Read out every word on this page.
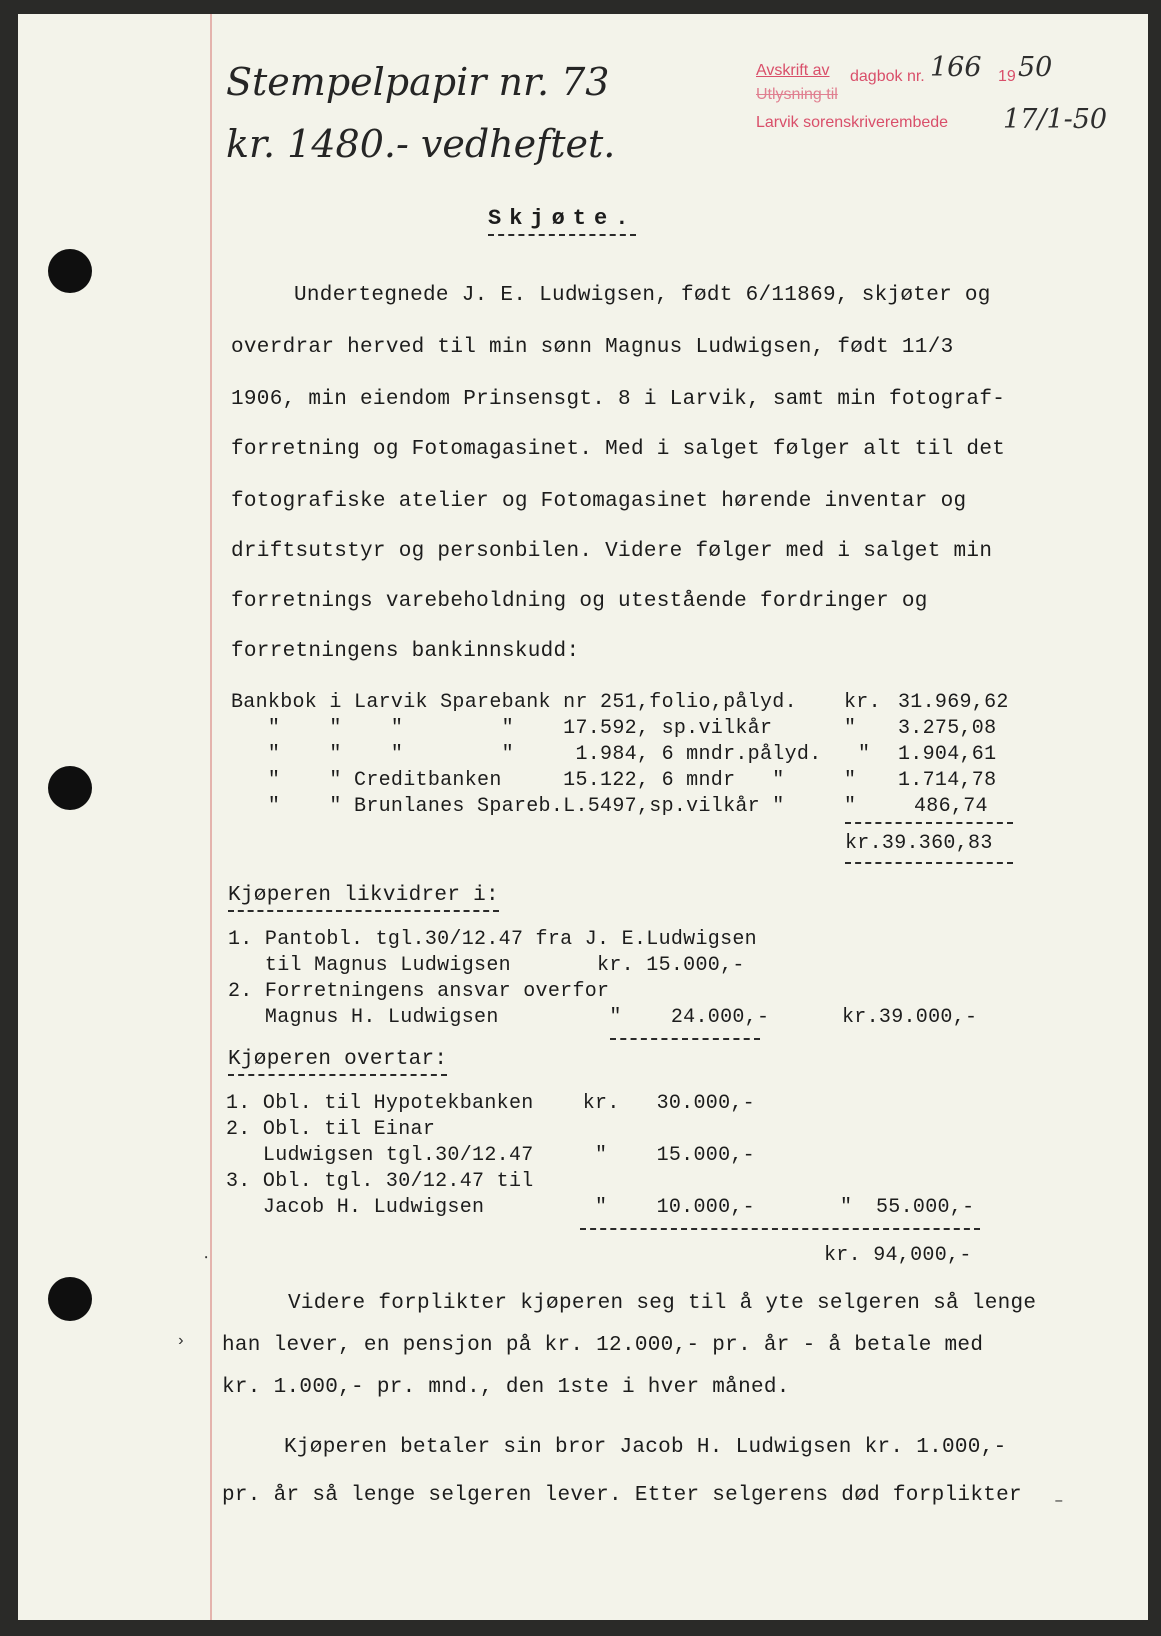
Stempelpapir nr. 73
kr. 1480.- vedheftet.
Avskrift av dagbok nr. 166 19 50
Utlysning til
Larvik sorenskriverembede 17/1-50
Skjøte.
Undertegnede J. E. Ludwigsen, født 6/11869, skjøter og
overdrar herved til min sønn Magnus Ludwigsen, født 11/3
1906, min eiendom Prinsensgt. 8 i Larvik, samt min fotograf-
forretning og Fotomagasinet. Med i salget følger alt til det
fotografiske atelier og Fotomagasinet hørende inventar og
driftsutstyr og personbilen. Videre følger med i salget min
forretnings varebeholdning og utestående fordringer og
forretningens bankinnskudd:
Bankbok i Larvik Sparebank nr 251,folio,pålyd. kr. 31.969,62
"    "    "        "    17.592, sp.vilkår	" 3.275,08
"    "    "        "     1.984, 6 mndr.pålyd. " 1.904,61
"    " Creditbanken     15.122, 6 mndr   "	" 1.714,78
"    " Brunlanes Spareb.L.5497,sp.vilkår "	"	486,74
kr.39.360,83
Kjøperen likvidrer i:
1. Pantobl. tgl.30/12.47 fra J. E.Ludwigsen
til Magnus Ludwigsen       kr. 15.000,-
2. Forretningens ansvar overfor
Magnus H. Ludwigsen         "    24.000,-	kr.39.000,-
Kjøperen overtar:
1. Obl. til Hypotekbanken    kr.   30.000,-
2. Obl. til Einar
Ludwigsen tgl.30/12.47     "    15.000,-
3. Obl. tgl. 30/12.47 til
Jacob H. Ludwigsen         "    10.000,-	" 55.000,-
kr. 94,000,-
Videre forplikter kjøperen seg til å yte selgeren så lenge
han lever, en pensjon på kr. 12.000,- pr. år - å betale med
kr. 1.000,- pr. mnd., den 1ste i hver måned.
Kjøperen betaler sin bror Jacob H. Ludwigsen kr. 1.000,-
pr. år så lenge selgeren lever. Etter selgerens død forplikter
⸱
›
–
